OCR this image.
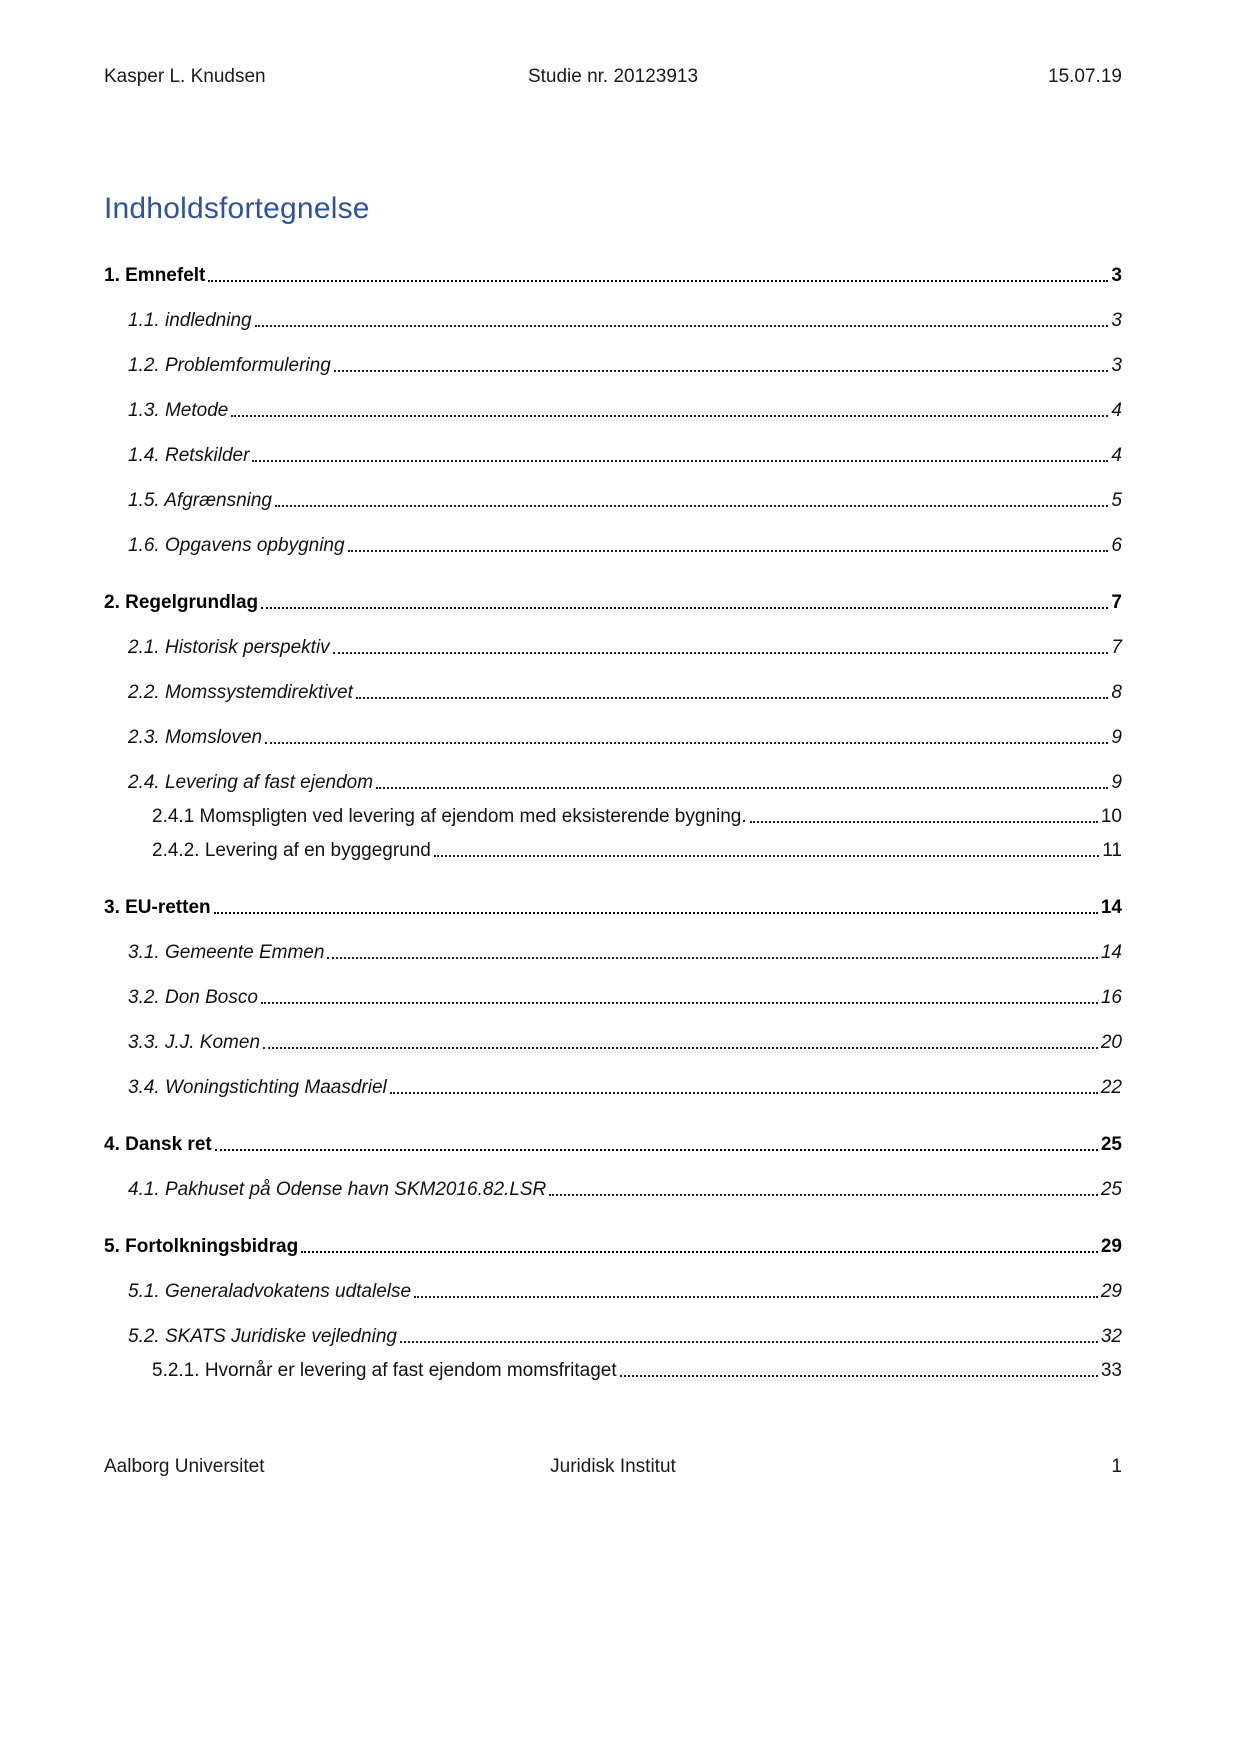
Kasper L. Knudsen	Studie nr. 20123913	15.07.19
Indholdsfortegnelse
1. Emnefelt	3
1.1. indledning	3
1.2. Problemformulering	3
1.3. Metode	4
1.4. Retskilder	4
1.5. Afgrænsning	5
1.6. Opgavens opbygning	6
2. Regelgrundlag	7
2.1. Historisk perspektiv	7
2.2. Momssystemdirektivet	8
2.3. Momsloven	9
2.4. Levering af fast ejendom	9
2.4.1 Momspligten ved levering af ejendom med eksisterende bygning.	10
2.4.2. Levering af en byggegrund	11
3. EU-retten	14
3.1. Gemeente Emmen	14
3.2. Don Bosco	16
3.3. J.J. Komen	20
3.4. Woningstichting Maasdriel	22
4. Dansk ret	25
4.1. Pakhuset på Odense havn SKM2016.82.LSR	25
5. Fortolkningsbidrag	29
5.1. Generaladvokatens udtalelse	29
5.2. SKATS Juridiske vejledning	32
5.2.1. Hvornår er levering af fast ejendom momsfritaget	33
Aalborg Universitet	Juridisk Institut	1
